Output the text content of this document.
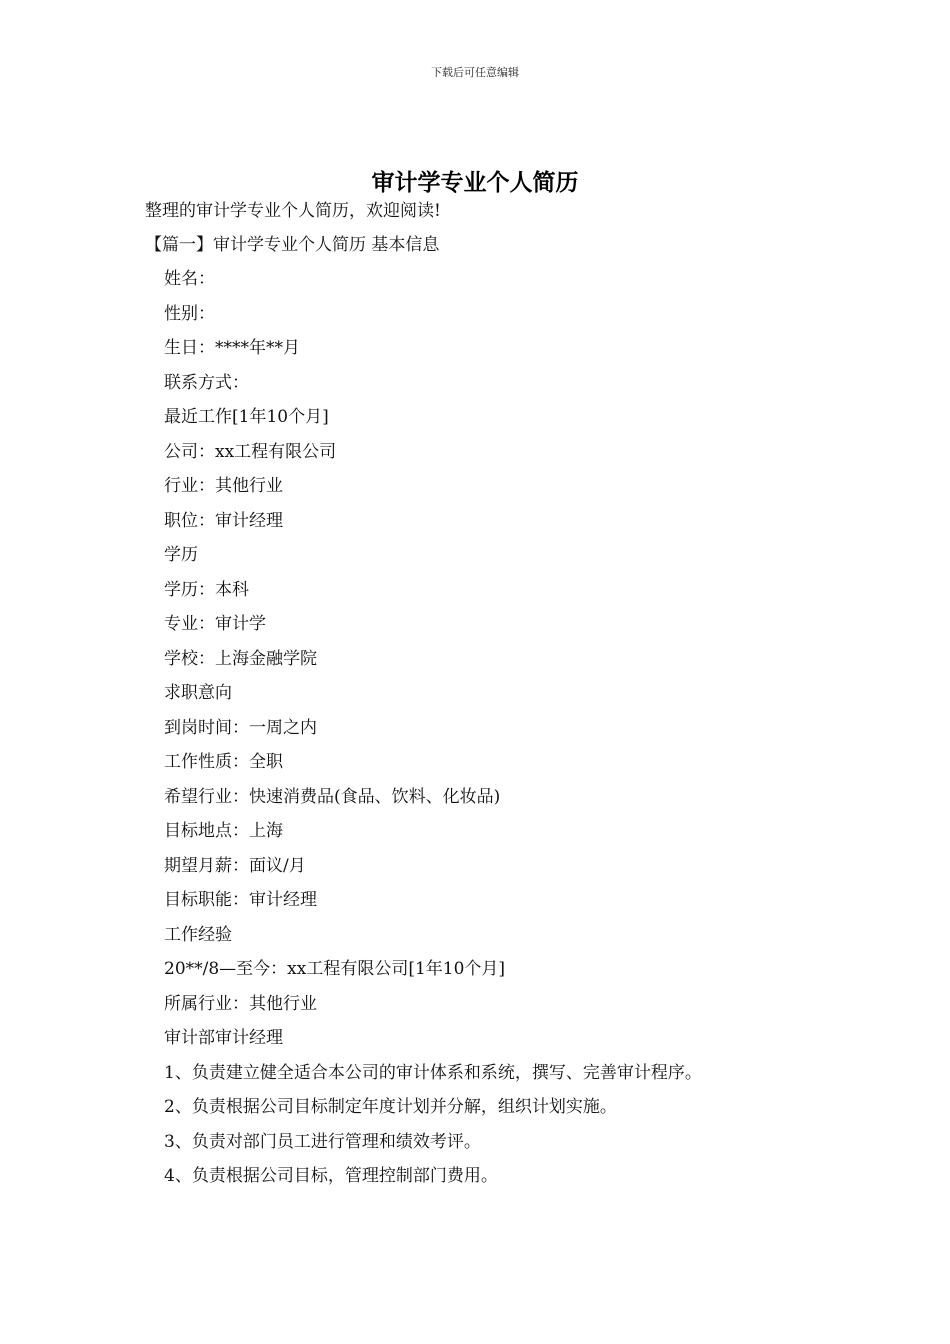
下载后可任意编辑
审计学专业个人简历
整理的审计学专业个人简历，欢迎阅读!
【篇一】审计学专业个人简历 基本信息
姓名：
性别：
生日：****年**月
联系方式：
最近工作[1年10个月]
公司：xx工程有限公司
行业：其他行业
职位：审计经理
学历
学历：本科
专业：审计学
学校：上海金融学院
求职意向
到岗时间：一周之内
工作性质：全职
希望行业：快速消费品(食品、饮料、化妆品)
目标地点：上海
期望月薪：面议/月
目标职能：审计经理
工作经验
20**/8—至今：xx工程有限公司[1年10个月]
所属行业：其他行业
审计部审计经理
1、负责建立健全适合本公司的审计体系和系统，撰写、完善审计程序。
2、负责根据公司目标制定年度计划并分解，组织计划实施。
3、负责对部门员工进行管理和绩效考评。
4、负责根据公司目标，管理控制部门费用。
